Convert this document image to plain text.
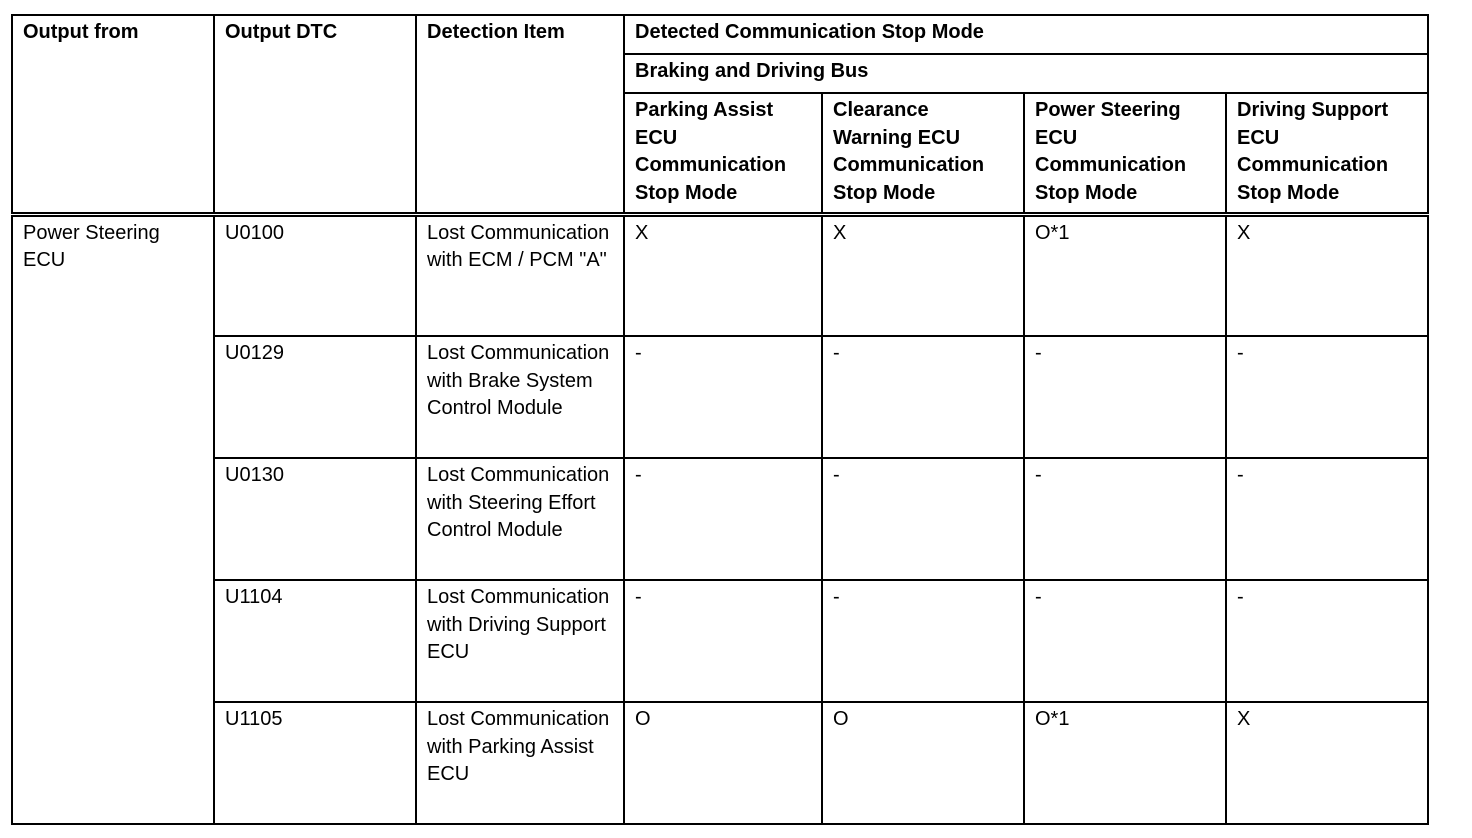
Output from	Output DTC	Detection Item	Detected Communication Stop Mode			
			Braking and Driving Bus			
			Parking Assist ECU Communication Stop Mode	Clearance Warning ECU Communication Stop Mode	Power Steering ECU Communication Stop Mode	Driving Support ECU Communication Stop Mode
Power Steering ECU	U0100	Lost Communication with ECM / PCM "A"	X	X	O*1	X
	U0129	Lost Communication with Brake System Control Module	-	-	-	-
	U0130	Lost Communication with Steering Effort Control Module	-	-	-	-
	U1104	Lost Communication with Driving Support ECU	-	-	-	-
	U1105	Lost Communication with Parking Assist ECU	O	O	O*1	X
